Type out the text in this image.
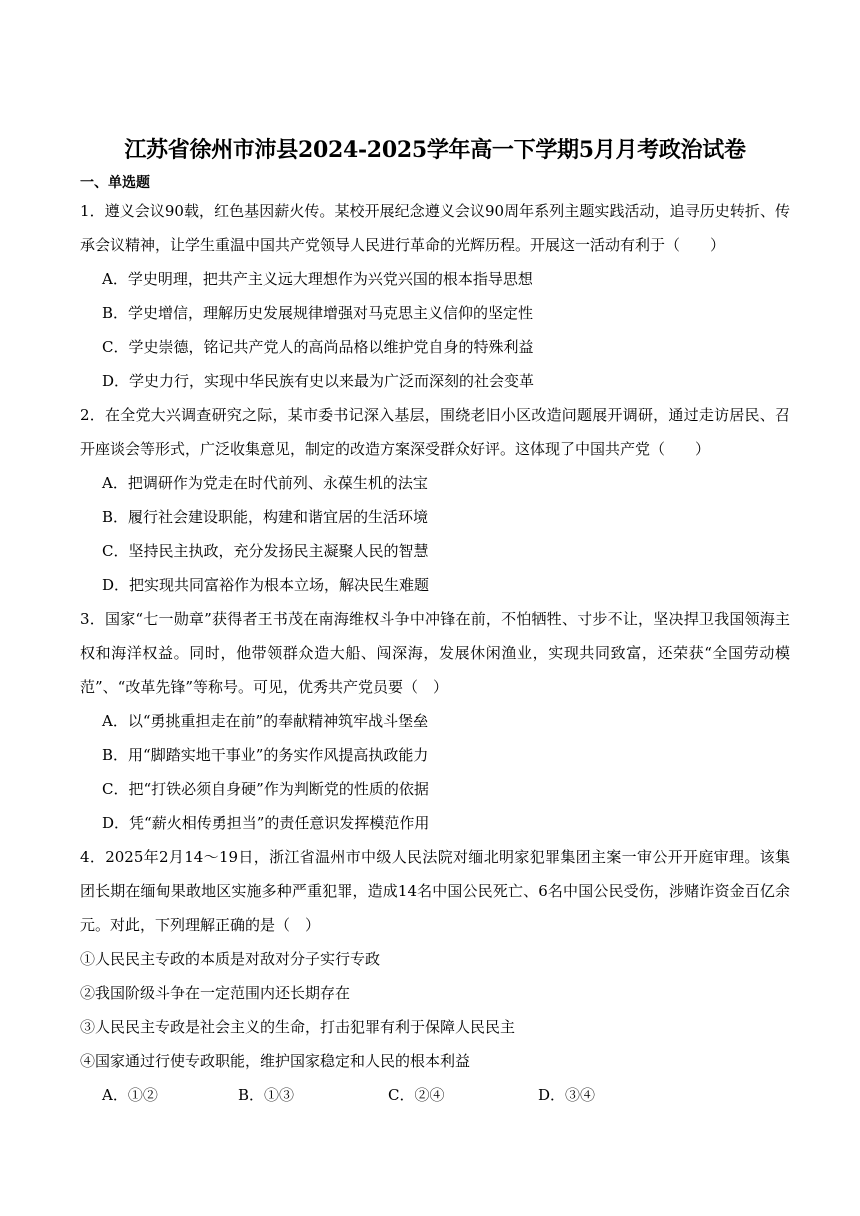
江苏省徐州市沛县2024-2025学年高一下学期5月月考政治试卷
一、单选题
1．遵义会议90载，红色基因薪火传。某校开展纪念遵义会议90周年系列主题实践活动，追寻历史转折、传承会议精神，让学生重温中国共产党领导人民进行革命的光辉历程。开展这一活动有利于（　　）
A．学史明理，把共产主义远大理想作为兴党兴国的根本指导思想
B．学史增信，理解历史发展规律增强对马克思主义信仰的坚定性
C．学史崇德，铭记共产党人的高尚品格以维护党自身的特殊利益
D．学史力行，实现中华民族有史以来最为广泛而深刻的社会变革
2．在全党大兴调查研究之际，某市委书记深入基层，围绕老旧小区改造问题展开调研，通过走访居民、召开座谈会等形式，广泛收集意见，制定的改造方案深受群众好评。这体现了中国共产党（　　）
A．把调研作为党走在时代前列、永葆生机的法宝
B．履行社会建设职能，构建和谐宜居的生活环境
C．坚持民主执政，充分发扬民主凝聚人民的智慧
D．把实现共同富裕作为根本立场，解决民生难题
3．国家“七一勋章”获得者王书茂在南海维权斗争中冲锋在前，不怕牺牲、寸步不让，坚决捍卫我国领海主权和海洋权益。同时，他带领群众造大船、闯深海，发展休闲渔业，实现共同致富，还荣获“全国劳动模范”、“改革先锋”等称号。可见，优秀共产党员要（　）
A．以“勇挑重担走在前”的奉献精神筑牢战斗堡垒
B．用“脚踏实地干事业”的务实作风提高执政能力
C．把“打铁必须自身硬”作为判断党的性质的依据
D．凭“薪火相传勇担当”的责任意识发挥模范作用
4．2025年2月14～19日，浙江省温州市中级人民法院对缅北明家犯罪集团主案一审公开开庭审理。该集团长期在缅甸果敢地区实施多种严重犯罪，造成14名中国公民死亡、6名中国公民受伤，涉赌诈资金百亿余元。对此，下列理解正确的是（　）
①人民民主专政的本质是对敌对分子实行专政
②我国阶级斗争在一定范围内还长期存在
③人民民主专政是社会主义的生命，打击犯罪有利于保障人民民主
④国家通过行使专政职能，维护国家稳定和人民的根本利益
A．①②	B．①③	C．②④	D．③④
